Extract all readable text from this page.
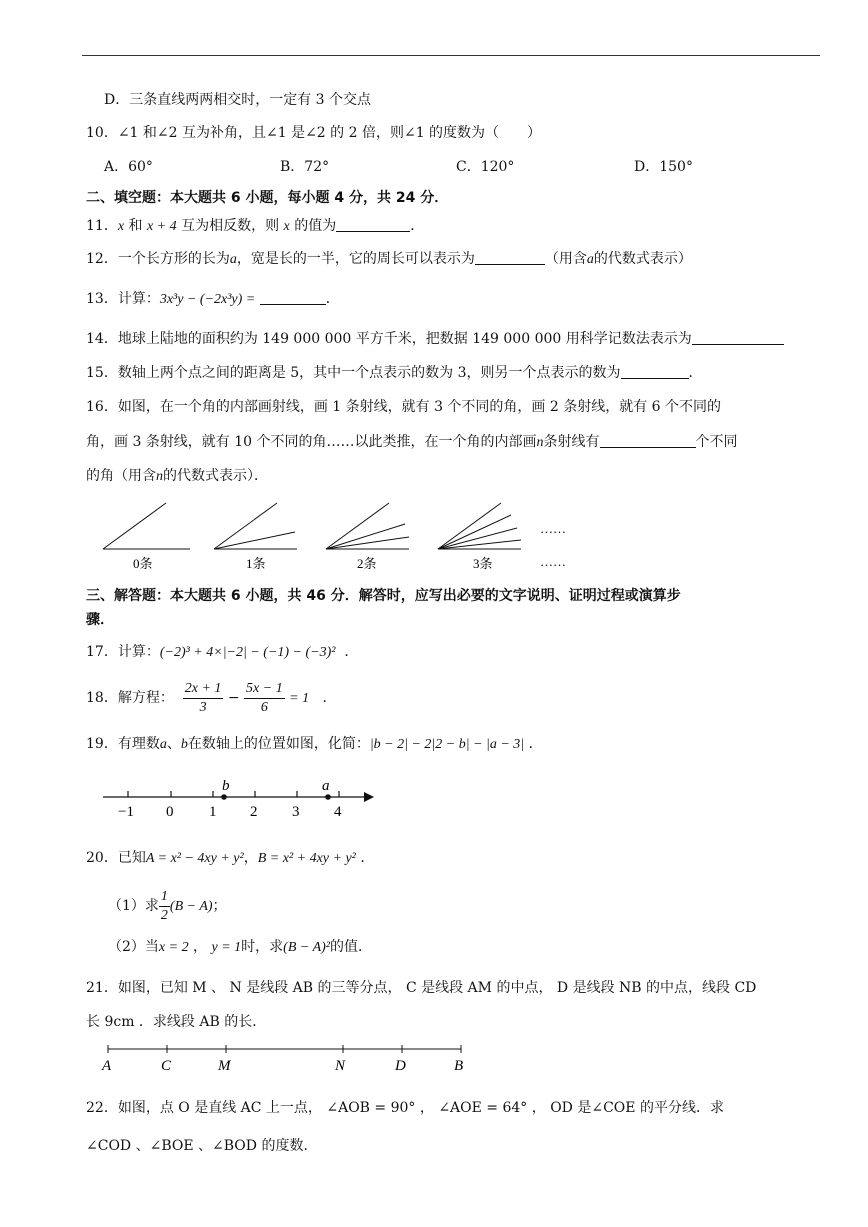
D．三条直线两两相交时，一定有 3 个交点
10．∠1 和∠2 互为补角，且∠1 是∠2 的 2 倍，则∠1 的度数为（　　）
A．60°	B．72°	C．120°	D．150°
二、填空题：本大题共 6 小题，每小题 4 分，共 24 分．
11．x 和 x + 4 互为相反数，则 x 的值为	．
12．一个长方形的长为a，宽是长的一半，它的周长可以表示为	（用含a的代数式表示）
13．计算：3x³y − (−2x³y) =	．
14．地球上陆地的面积约为 149 000 000 平方千米，把数据 149 000 000 用科学记数法表示为
15．数轴上两个点之间的距离是 5，其中一个点表示的数为 3，则另一个点表示的数为	．
16．如图，在一个角的内部画射线，画 1 条射线，就有 3 个不同的角，画 2 条射线，就有 6 个不同的
角，画 3 条射线，就有 10 个不同的角……以此类推，在一个角的内部画n条射线有	个不同
的角（用含n的代数式表示）．
0条	1条	2条	3条
……
……
三、解答题：本大题共 6 小题，共 46 分．解答时，应写出必要的文字说明、证明过程或演算步
骤．
17．计算：(−2)³ + 4×|−2| − (−1) − (−3)² ．
18．解方程： $\frac{2x + 1}{3} - \frac{5x - 1}{6} = 1$ ．
19．有理数a、b在数轴上的位置如图，化简：|b − 2| − 2|2 − b| − |a − 3| ．
b	a
−1 0 1 2 3 4
20．已知A = x² − 4xy + y²，B = x² + 4xy + y² ．
（1）求 $\frac{1}{2} (B - A)$；
（2）当x = 2 ， y = 1时，求(B − A)²的值．
21．如图，已知 M 、 N 是线段 AB 的三等分点， C 是线段 AM 的中点， D 是线段 NB 的中点，线段 CD
长 9cm ．求线段 AB 的长．
A	C	M	N	D	B
22．如图，点 O 是直线 AC 上一点， ∠AOB = 90° ， ∠AOE = 64° ， OD 是∠COE 的平分线．求
∠COD 、∠BOE 、∠BOD 的度数．
